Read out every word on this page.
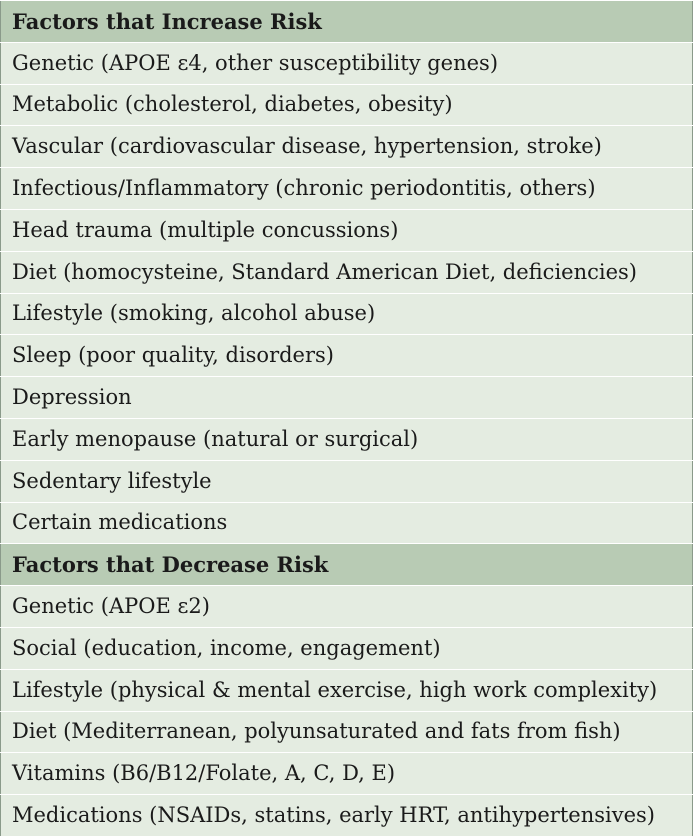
Factors that Increase Risk
Genetic (APOE ε4, other susceptibility genes)
Metabolic (cholesterol, diabetes, obesity)
Vascular (cardiovascular disease, hypertension, stroke)
Infectious/Inflammatory (chronic periodontitis, others)
Head trauma (multiple concussions)
Diet (homocysteine, Standard American Diet, deficiencies)
Lifestyle (smoking, alcohol abuse)
Sleep (poor quality, disorders)
Depression
Early menopause (natural or surgical)
Sedentary lifestyle
Certain medications
Factors that Decrease Risk
Genetic (APOE ε2)
Social (education, income, engagement)
Lifestyle (physical & mental exercise, high work complexity)
Diet (Mediterranean, polyunsaturated and fats from fish)
Vitamins (B6/B12/Folate, A, C, D, E)
Medications (NSAIDs, statins, early HRT, antihypertensives)
